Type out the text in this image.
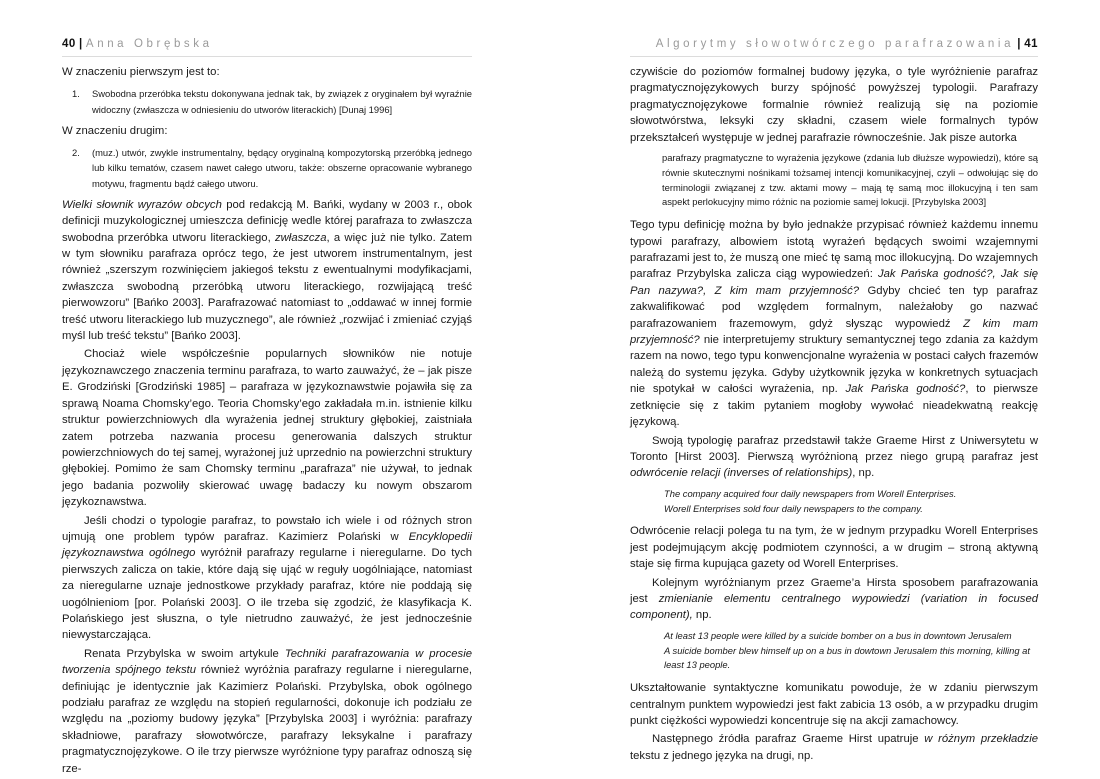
40 | Anna Obrębska

W znaczeniu pierwszym jest to:

1.	Swobodna przeróbka tekstu dokonywana jednak tak, by związek z oryginałem był wyraźnie widoczny (zwłaszcza w odniesieniu do utworów literackich) [Dunaj 1996]

W znaczeniu drugim:

2.	(muz.) utwór, zwykle instrumentalny, będący oryginalną kompozytorską przeróbką jednego lub kilku tematów, czasem nawet całego utworu, także: obszerne opracowanie wybranego motywu, fragmentu bądź całego utworu.

Wielki słownik wyrazów obcych pod redakcją M. Bańki, wydany w 2003 r., obok definicji muzykologicznej umieszcza definicję wedle której parafraza to zwłaszcza swobodna przeróbka utworu literackiego, zwłaszcza, a więc już nie tylko. Zatem w tym słowniku parafraza oprócz tego, że jest utworem instrumentalnym, jest również „szerszym rozwinięciem jakiegoś tekstu z ewentualnymi modyfikacjami, zwłaszcza swobodną przeróbką utworu literackiego, rozwijającą treść pierwowzoru” [Bańko 2003]. Parafrazować natomiast to „oddawać w innej formie treść utworu literackiego lub muzycznego”, ale również „rozwijać i zmieniać czyjąś myśl lub treść tekstu” [Bańko 2003].

Chociaż wiele współcześnie popularnych słowników nie notuje językoznawczego znaczenia terminu parafraza, to warto zauważyć, że – jak pisze E. Grodziński [Grodziński 1985] – parafraza w językoznawstwie pojawiła się za sprawą Noama Chomsky’ego. Teoria Chomsky’ego zakładała m.in. istnienie kilku struktur powierzchniowych dla wyrażenia jednej struktury głębokiej, zaistniała zatem potrzeba nazwania procesu generowania dalszych struktur powierzchniowych do tej samej, wyrażonej już uprzednio na powierzchni struktury głębokiej. Pomimo że sam Chomsky terminu „parafraza” nie używał, to jednak jego badania pozwoliły skierować uwagę badaczy ku nowym obszarom językoznawstwa.

Jeśli chodzi o typologie parafraz, to powstało ich wiele i od różnych stron ujmują one problem typów parafraz. Kazimierz Polański w Encyklopedii językoznawstwa ogólnego wyróżnił parafrazy regularne i nieregularne. Do tych pierwszych zalicza on takie, które dają się ująć w reguły uogólniające, natomiast za nieregularne uznaje jednostkowe przykłady parafraz, które nie poddają się uogólnieniom [por. Polański 2003]. O ile trzeba się zgodzić, że klasyfikacja K. Polańskiego jest słuszna, o tyle nietrudno zauważyć, że jest jednocześnie niewystarczająca.

Renata Przybylska w swoim artykule Techniki parafrazowania w procesie tworzenia spójnego tekstu również wyróżnia parafrazy regularne i nieregularne, definiując je identycznie jak Kazimierz Polański. Przybylska, obok ogólnego podziału parafraz ze względu na stopień regularności, dokonuje ich podziału ze względu na „poziomy budowy języka” [Przybylska 2003] i wyróżnia: parafrazy składniowe, parafrazy słowotwórcze, parafrazy leksykalne i parafrazy pragmatycznojęzykowe. O ile trzy pierwsze wyróżnione typy parafraz odnoszą się rze-

Algorytmy słowotwórczego parafrazowania | 41

czywiście do poziomów formalnej budowy języka, o tyle wyróżnienie parafraz pragmatycznojęzykowych burzy spójność powyższej typologii. Parafrazy pragmatycznojęzykowe formalnie również realizują się na poziomie słowotwórstwa, leksyki czy składni, czasem wiele formalnych typów przekształceń występuje w jednej parafrazie równocześnie. Jak pisze autorka

parafrazy pragmatyczne to wyrażenia językowe (zdania lub dłuższe wypowiedzi), które są równie skutecznymi nośnikami tożsamej intencji komunikacyjnej, czyli – odwołując się do terminologii związanej z tzw. aktami mowy – mają tę samą moc illokucyjną i ten sam aspekt perlokucyjny mimo różnic na poziomie samej lokucji. [Przybylska 2003]

Tego typu definicję można by było jednakże przypisać również każdemu innemu typowi parafrazy, albowiem istotą wyrażeń będących swoimi wzajemnymi parafrazami jest to, że muszą one mieć tę samą moc illokucyjną. Do wzajemnych parafraz Przybylska zalicza ciąg wypowiedzeń: Jak Pańska godność?, Jak się Pan nazywa?, Z kim mam przyjemność? Gdyby chcieć ten typ parafraz zakwalifikować pod względem formalnym, należałoby go nazwać parafrazowaniem frazemowym, gdyż słysząc wypowiedź Z kim mam przyjemność? nie interpretujemy struktury semantycznej tego zdania za każdym razem na nowo, tego typu konwencjonalne wyrażenia w postaci całych frazemów należą do systemu języka. Gdyby użytkownik języka w konkretnych sytuacjach nie spotykał w całości wyrażenia, np. Jak Pańska godność?, to pierwsze zetknięcie się z takim pytaniem mogłoby wywołać nieadekwatną reakcję językową.

Swoją typologię parafraz przedstawił także Graeme Hirst z Uniwersytetu w Toronto [Hirst 2003]. Pierwszą wyróżnioną przez niego grupą parafraz jest odwrócenie relacji (inverses of relationships), np.

The company acquired four daily newspapers from Worell Enterprises.
Worell Enterprises sold four daily newspapers to the company.

Odwrócenie relacji polega tu na tym, że w jednym przypadku Worell Enterprises jest podejmującym akcję podmiotem czynności, a w drugim – stroną aktywną staje się firma kupująca gazety od Worell Enterprises.

Kolejnym wyróżnianym przez Graeme’a Hirsta sposobem parafrazowania jest zmienianie elementu centralnego wypowiedzi (variation in focused component), np.

At least 13 people were killed by a suicide bomber on a bus in downtown Jerusalem
A suicide bomber blew himself up on a bus in dowtown Jerusalem this morning, killing at least 13 people.

Ukształtowanie syntaktyczne komunikatu powoduje, że w zdaniu pierwszym centralnym punktem wypowiedzi jest fakt zabicia 13 osób, a w przypadku drugim punkt ciężkości wypowiedzi koncentruje się na akcji zamachowcy.

Następnego źródła parafraz Graeme Hirst upatruje w różnym przekładzie tekstu z jednego języka na drugi, np.
